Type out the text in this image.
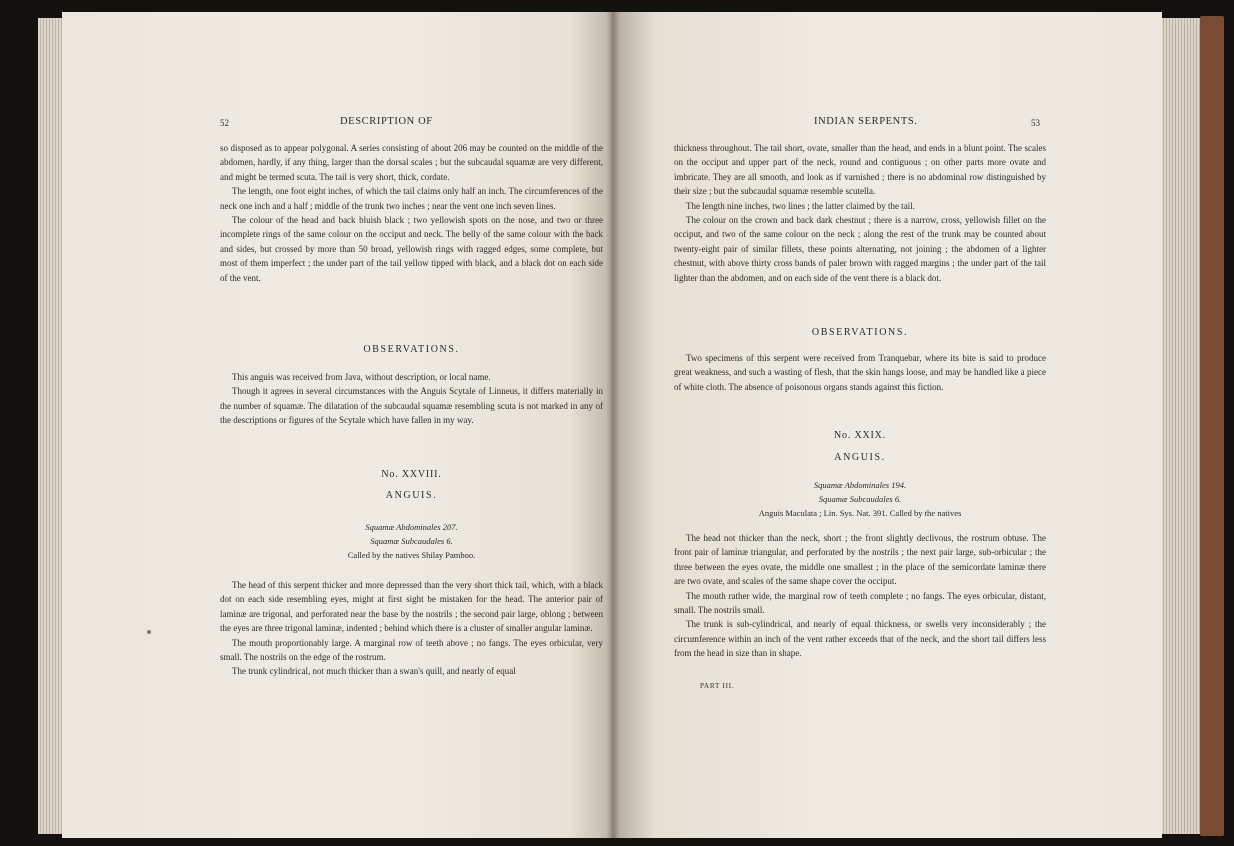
52	DESCRIPTION OF

so disposed as to appear polygonal. A series consisting of about 206 may be counted on the middle of the abdomen, hardly, if any thing, larger than the dorsal scales ; but the subcaudal squamæ are very different, and might be termed scuta. The tail is very short, thick, cordate.

The length, one foot eight inches, of which the tail claims only half an inch. The circumferences of the neck one inch and a half ; middle of the trunk two inches ; near the vent one inch seven lines.

The colour of the head and back bluish black ; two yellowish spots on the nose, and two or three incomplete rings of the same colour on the occiput and neck. The belly of the same colour with the back and sides, but crossed by more than 50 broad, yellowish rings with ragged edges, some complete, but most of them imperfect ; the under part of the tail yellow tipped with black, and a black dot on each side of the vent.

OBSERVATIONS.

This anguis was received from Java, without description, or local name.

Though it agrees in several circumstances with the Anguis Scytale of Linneus, it differs materially in the number of squamæ. The dilatation of the subcaudal squamæ resembling scuta is not marked in any of the descriptions or figures of the Scytale which have fallen in my way.

No. XXVIII.
ANGUIS.

Squamæ Abdominales 207.

Squamæ Subcaudales 6.

Called by the natives Shilay Pamboo.

The head of this serpent thicker and more depressed than the very short thick tail, which, with a black dot on each side resembling eyes, might at first sight be mistaken for the head. The anterior pair of laminæ are trigonal, and perforated near the base by the nostrils ; the second pair large, oblong ; between the eyes are three trigonal laminæ, indented ; behind which there is a cluster of smaller angular laminæ.

The mouth proportionably large. A marginal row of teeth above ; no fangs. The eyes orbicular, very small. The nostrils on the edge of the rostrum.

The trunk cylindrical, not much thicker than a swan's quill, and nearly of equal

INDIAN SERPENTS.	53

thickness throughout. The tail short, ovate, smaller than the head, and ends in a blunt point. The scales on the occiput and upper part of the neck, round and contiguous ; on other parts more ovate and imbricate. They are all smooth, and look as if varnished ; there is no abdominal row distinguished by their size ; but the subcaudal squamæ resemble scutella.

The length nine inches, two lines ; the latter claimed by the tail.

The colour on the crown and back dark chestnut ; there is a narrow, cross, yellowish fillet on the occiput, and two of the same colour on the neck ; along the rest of the trunk may be counted about twenty-eight pair of similar fillets, these points alternating, not joining ; the abdomen of a lighter chestnut, with above thirty cross bands of paler brown with ragged margins ; the under part of the tail lighter than the abdomen, and on each side of the vent there is a black dot.

OBSERVATIONS.

Two specimens of this serpent were received from Tranquebar, where its bite is said to produce great weakness, and such a wasting of flesh, that the skin hangs loose, and may be handled like a piece of white cloth. The absence of poisonous organs stands against this fiction.

No. XXIX.
ANGUIS.

Squamæ Abdominales 194.

Squamæ Subcaudales 6.

Anguis Maculata ; Lin. Sys. Nat. 391. Called by the natives

The head not thicker than the neck, short ; the front slightly declivous, the rostrum obtuse. The front pair of laminæ triangular, and perforated by the nostrils ; the next pair large, sub-orbicular ; the three between the eyes ovate, the middle one smallest ; in the place of the semicordate laminæ there are two ovate, and scales of the same shape cover the occiput.

The mouth rather wide, the marginal row of teeth complete ; no fangs. The eyes orbicular, distant, small. The nostrils small.

The trunk is sub-cylindrical, and nearly of equal thickness, or swells very inconsiderably ; the circumference within an inch of the vent rather exceeds that of the neck, and the short tail differs less from the head in size than in shape.

PART III.
